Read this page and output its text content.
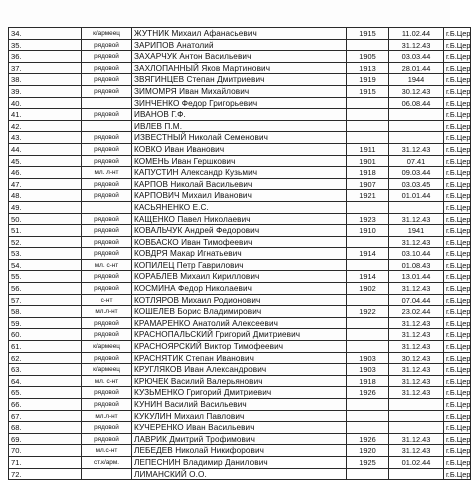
34.	к/армеец	ЖУТНИК Михаил Афанасьевич	1915	11.02.44	г.Б.Цер
35.	рядовой	ЗАРИПОВ Анатолий		31.12.43	г.Б.Цер
36.	рядовой	ЗАХАРЧУК Антон Васильевич	1905	03.03.44	г.Б.Цер
37.	рядовой	ЗАХЛОПАННЫЙ Яков Мартинович	1913	28.01.44	г.Б.Цер
38.	рядовой	ЗВЯГИНЦЕВ Степан Дмитриевич	1919	1944	г.Б.Цер
39.	рядовой	ЗИМОМРЯ Иван Михайлович	1915	30.12.43	г.Б.Цер
40.		ЗИНЧЕНКО Федор Григорьевич		06.08.44	г.Б.Цер
41.	рядовой	ИВАНОВ Г.Ф.			г.Б.Цер
42.		ИВЛЕВ П.М.			г.Б.Цер
43.	рядовой	ИЗВЕСТНЫЙ Николай Семенович			г.Б.Цер
44.	рядовой	КОВКО Иван Иванович	1911	31.12.43	г.Б.Цер
45.	рядовой	КОМЕНЬ Иван Гершкович	1901	07.41	г.Б.Цер
46.	мл. л-нт	КАПУСТИН Александр Кузьмич	1918	09.03.44	г.Б.Цер
47.	рядовой	КАРПОВ Николай Васильевич	1907	03.03.45	г.Б.Цер
48.	рядовой	КАРПОВИЧ Михаил Иванович	1921	01.01.44	г.Б.Цер
49.		КАСЬЯНЕНКО Е.С.			г.Б.Цер
50.	рядовой	КАЩЕНКО Павел Николаевич	1923	31.12.43	г.Б.Цер
51.	рядовой	КОВАЛЬЧУК Андрей Федорович	1910	1941	г.Б.Цер
52.	рядовой	КОВБАСКО Иван Тимофеевич		31.12.43	г.Б.Цер
53.	рядовой	КОВДРЯ Макар Игнатьевич	1914	03.10.44	г.Б.Цер
54.	мл. с-нт	КОПИЛЕЦ Петр Гаврилович		01.08.43	г.Б.Цер
55.	рядовой	КОРАБЛЕВ Михаил Кириллович	1914	13.01.44	г.Б.Цер
56.	рядовой	КОСМИНА Федор Николаевич	1902	31.12.43	г.Б.Цер
57.	с-нт	КОТЛЯРОВ Михаил Родионович		07.04.44	г.Б.Цер
58.	мл.л-нт	КОШЕЛЕВ Борис Владимирович	1922	23.02.44	г.Б.Цер
59.	рядовой	КРАМАРЕНКО Анатолий Алексеевич		31.12.43	г.Б.Цер
60.	рядовой	КРАСНОПАЛЬСКИЙ Григорий Дмитриевич		31.12.43	г.Б.Цер
61.	к/армеец	КРАСНОЯРСКИЙ Виктор Тимофеевич		31.12.43	г.Б.Цер
62.	рядовой	КРАСНЯТИК Степан Иванович	1903	30.12.43	г.Б.Цер
63.	к/армеец	КРУГЛЯКОВ Иван Александрович	1903	31.12.43	г.Б.Цер
64.	мл. с-нт	КРЮЧЕК Василий Валерьянович	1918	31.12.43	г.Б.Цер
65.	рядовой	КУЗЬМЕНКО Григорий Дмитриевич	1926	31.12.43	г.Б.Цер
66.	рядовой	КУНИН Василий Васильевич			г.Б.Цер
67.	мл.л-нт	КУКУЛИН Михаил Павлович			г.Б.Цер
68.	рядовой	КУЧЕРЕНКО Иван Васильевич			г.Б.Цер
69.	рядовой	ЛАВРИК Дмитрий Трофимович	1926	31.12.43	г.Б.Цер
70.	мл.с-нт	ЛЕБЕДЕВ Николай Никифорович	1920	31.12.43	г.Б.Цер
71.	ст.к/арм.	ЛЕПЕСНИН Владимир Данилович	1925	01.02.44	г.Б.Цер
72.		ЛИМАНСКИЙ О.О.			г.Б.Цер
